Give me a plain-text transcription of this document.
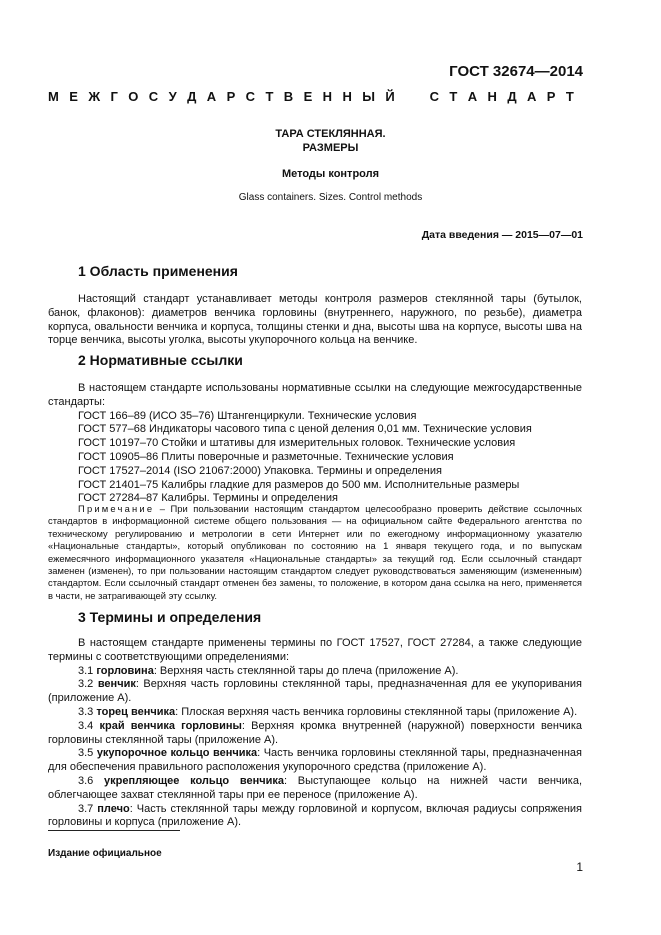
ГОСТ 32674—2014
М Е Ж Г О С У Д А Р С Т В Е Н Н Ы Й	С Т А Н Д А Р Т
ТАРА СТЕКЛЯННАЯ.
РАЗМЕРЫ
Методы контроля
Glass containers. Sizes. Control methods
Дата введения — 2015—07—01
1 Область применения

Настоящий стандарт устанавливает методы контроля размеров стеклянной тары (бутылок, банок, флаконов): диаметров венчика горловины (внутреннего, наружного, по резьбе), диаметра корпуса, овальности венчика и корпуса, толщины стенки и дна, высоты шва на корпусе, высоты шва на торце венчика, высоты уголка, высоты укупорочного кольца на венчике.

2 Нормативные ссылки

В настоящем стандарте использованы нормативные ссылки на следующие межгосударственные стандарты:

ГОСТ 166–89 (ИСО 35–76) Штангенциркули. Технические условия

ГОСТ 577–68 Индикаторы часового типа с ценой деления 0,01 мм. Технические условия

ГОСТ 10197–70 Стойки и штативы для измерительных головок. Технические условия

ГОСТ 10905–86 Плиты поверочные и разметочные. Технические условия

ГОСТ 17527–2014 (ISO 21067:2000) Упаковка. Термины и определения

ГОСТ 21401–75 Калибры гладкие для размеров до 500 мм. Исполнительные размеры

ГОСТ 27284–87 Калибры. Термины и определения

Примечание – При пользовании настоящим стандартом целесообразно проверить действие ссылочных стандартов в информационной системе общего пользования — на официальном сайте Федерального агентства по техническому регулированию и метрологии в сети Интернет или по ежегодному информационному указателю «Национальные стандарты», который опубликован по состоянию на 1 января текущего года, и по выпускам ежемесячного информационного указателя «Национальные стандарты» за текущий год. Если ссылочный стандарт заменен (изменен), то при пользовании настоящим стандартом следует руководствоваться заменяющим (измененным) стандартом. Если ссылочный стандарт отменен без замены, то положение, в котором дана ссылка на него, применяется в части, не затрагивающей эту ссылку.
3 Термины и определения

В настоящем стандарте применены термины по ГОСТ 17527, ГОСТ 27284, а также следующие термины с соответствующими определениями:

3.1 горловина: Верхняя часть стеклянной тары до плеча (приложение А).

3.2 венчик: Верхняя часть горловины стеклянной тары, предназначенная для ее укупоривания (приложение А).

3.3 торец венчика: Плоская верхняя часть венчика горловины стеклянной тары (приложение А).

3.4 край венчика горловины: Верхняя кромка внутренней (наружной) поверхности венчика горловины стеклянной тары (приложение А).

3.5 укупорочное кольцо венчика: Часть венчика горловины стеклянной тары, предназначенная для обеспечения правильного расположения укупорочного средства (приложение А).

3.6 укрепляющее кольцо венчика: Выступающее кольцо на нижней части венчика, облегчающее захват стеклянной тары при ее переносе (приложение А).

3.7 плечо: Часть стеклянной тары между горловиной и корпусом, включая радиусы сопряжения горловины и корпуса (приложение А).

Издание официальное
1
